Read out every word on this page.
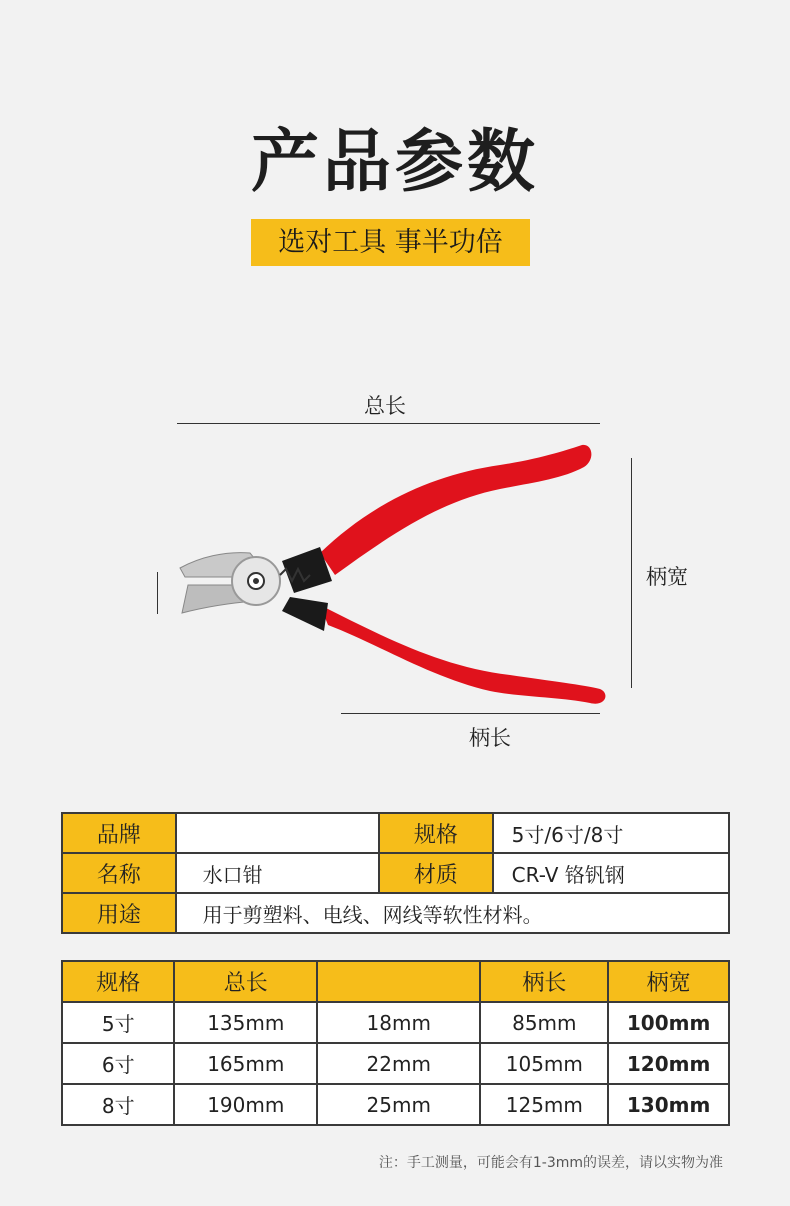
产品参数
选对工具 事半功倍
总长
柄宽
柄长
品牌		规格	5寸/6寸/8寸
名称	水口钳	材质	CR-V 铬钒钢
用途	用于剪塑料、电线、网线等软性材料。		
规格	总长		柄长	柄宽
5寸	135mm	18mm	85mm	100mm
6寸	165mm	22mm	105mm	120mm
8寸	190mm	25mm	125mm	130mm
注：手工测量，可能会有1-3mm的误差，请以实物为准
